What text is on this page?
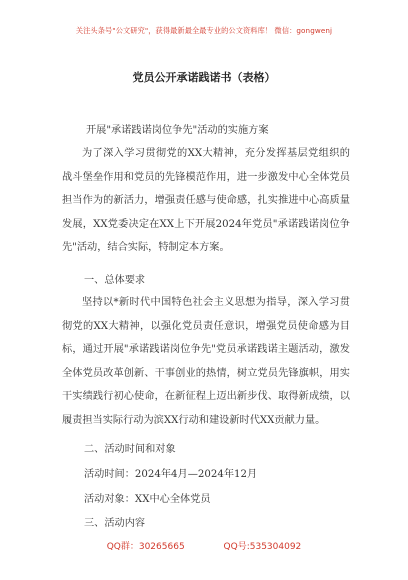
关注头条号"公文研究"，获得最新最全最专业的公文资料库！ 微信：gongwenj
党员公开承诺践诺书（表格）
开展"承诺践诺岗位争先"活动的实施方案
为了深入学习贯彻党的XX大精神，充分发挥基层党组织的战斗堡垒作用和党员的先锋模范作用，进一步激发中心全体党员担当作为的新活力，增强责任感与使命感，扎实推进中心高质量发展，XX党委决定在XX上下开展2024年党员"承诺践诺岗位争先"活动，结合实际，特制定本方案。
一、总体要求
坚持以*新时代中国特色社会主义思想为指导，深入学习贯彻党的XX大精神，以强化党员责任意识，增强党员使命感为目标，通过开展"承诺践诺岗位争先"党员承诺践诺主题活动，激发全体党员改革创新、干事创业的热情，树立党员先锋旗帜，用实干实绩践行初心使命，在新征程上迈出新步伐、取得新成绩，以履责担当实际行动为滨XX行动和建设新时代XX贡献力量。
二、活动时间和对象
活动时间：2024年4月—2024年12月
活动对象：XX中心全体党员
三、活动内容
QQ群：30265665	QQ号:535304092
